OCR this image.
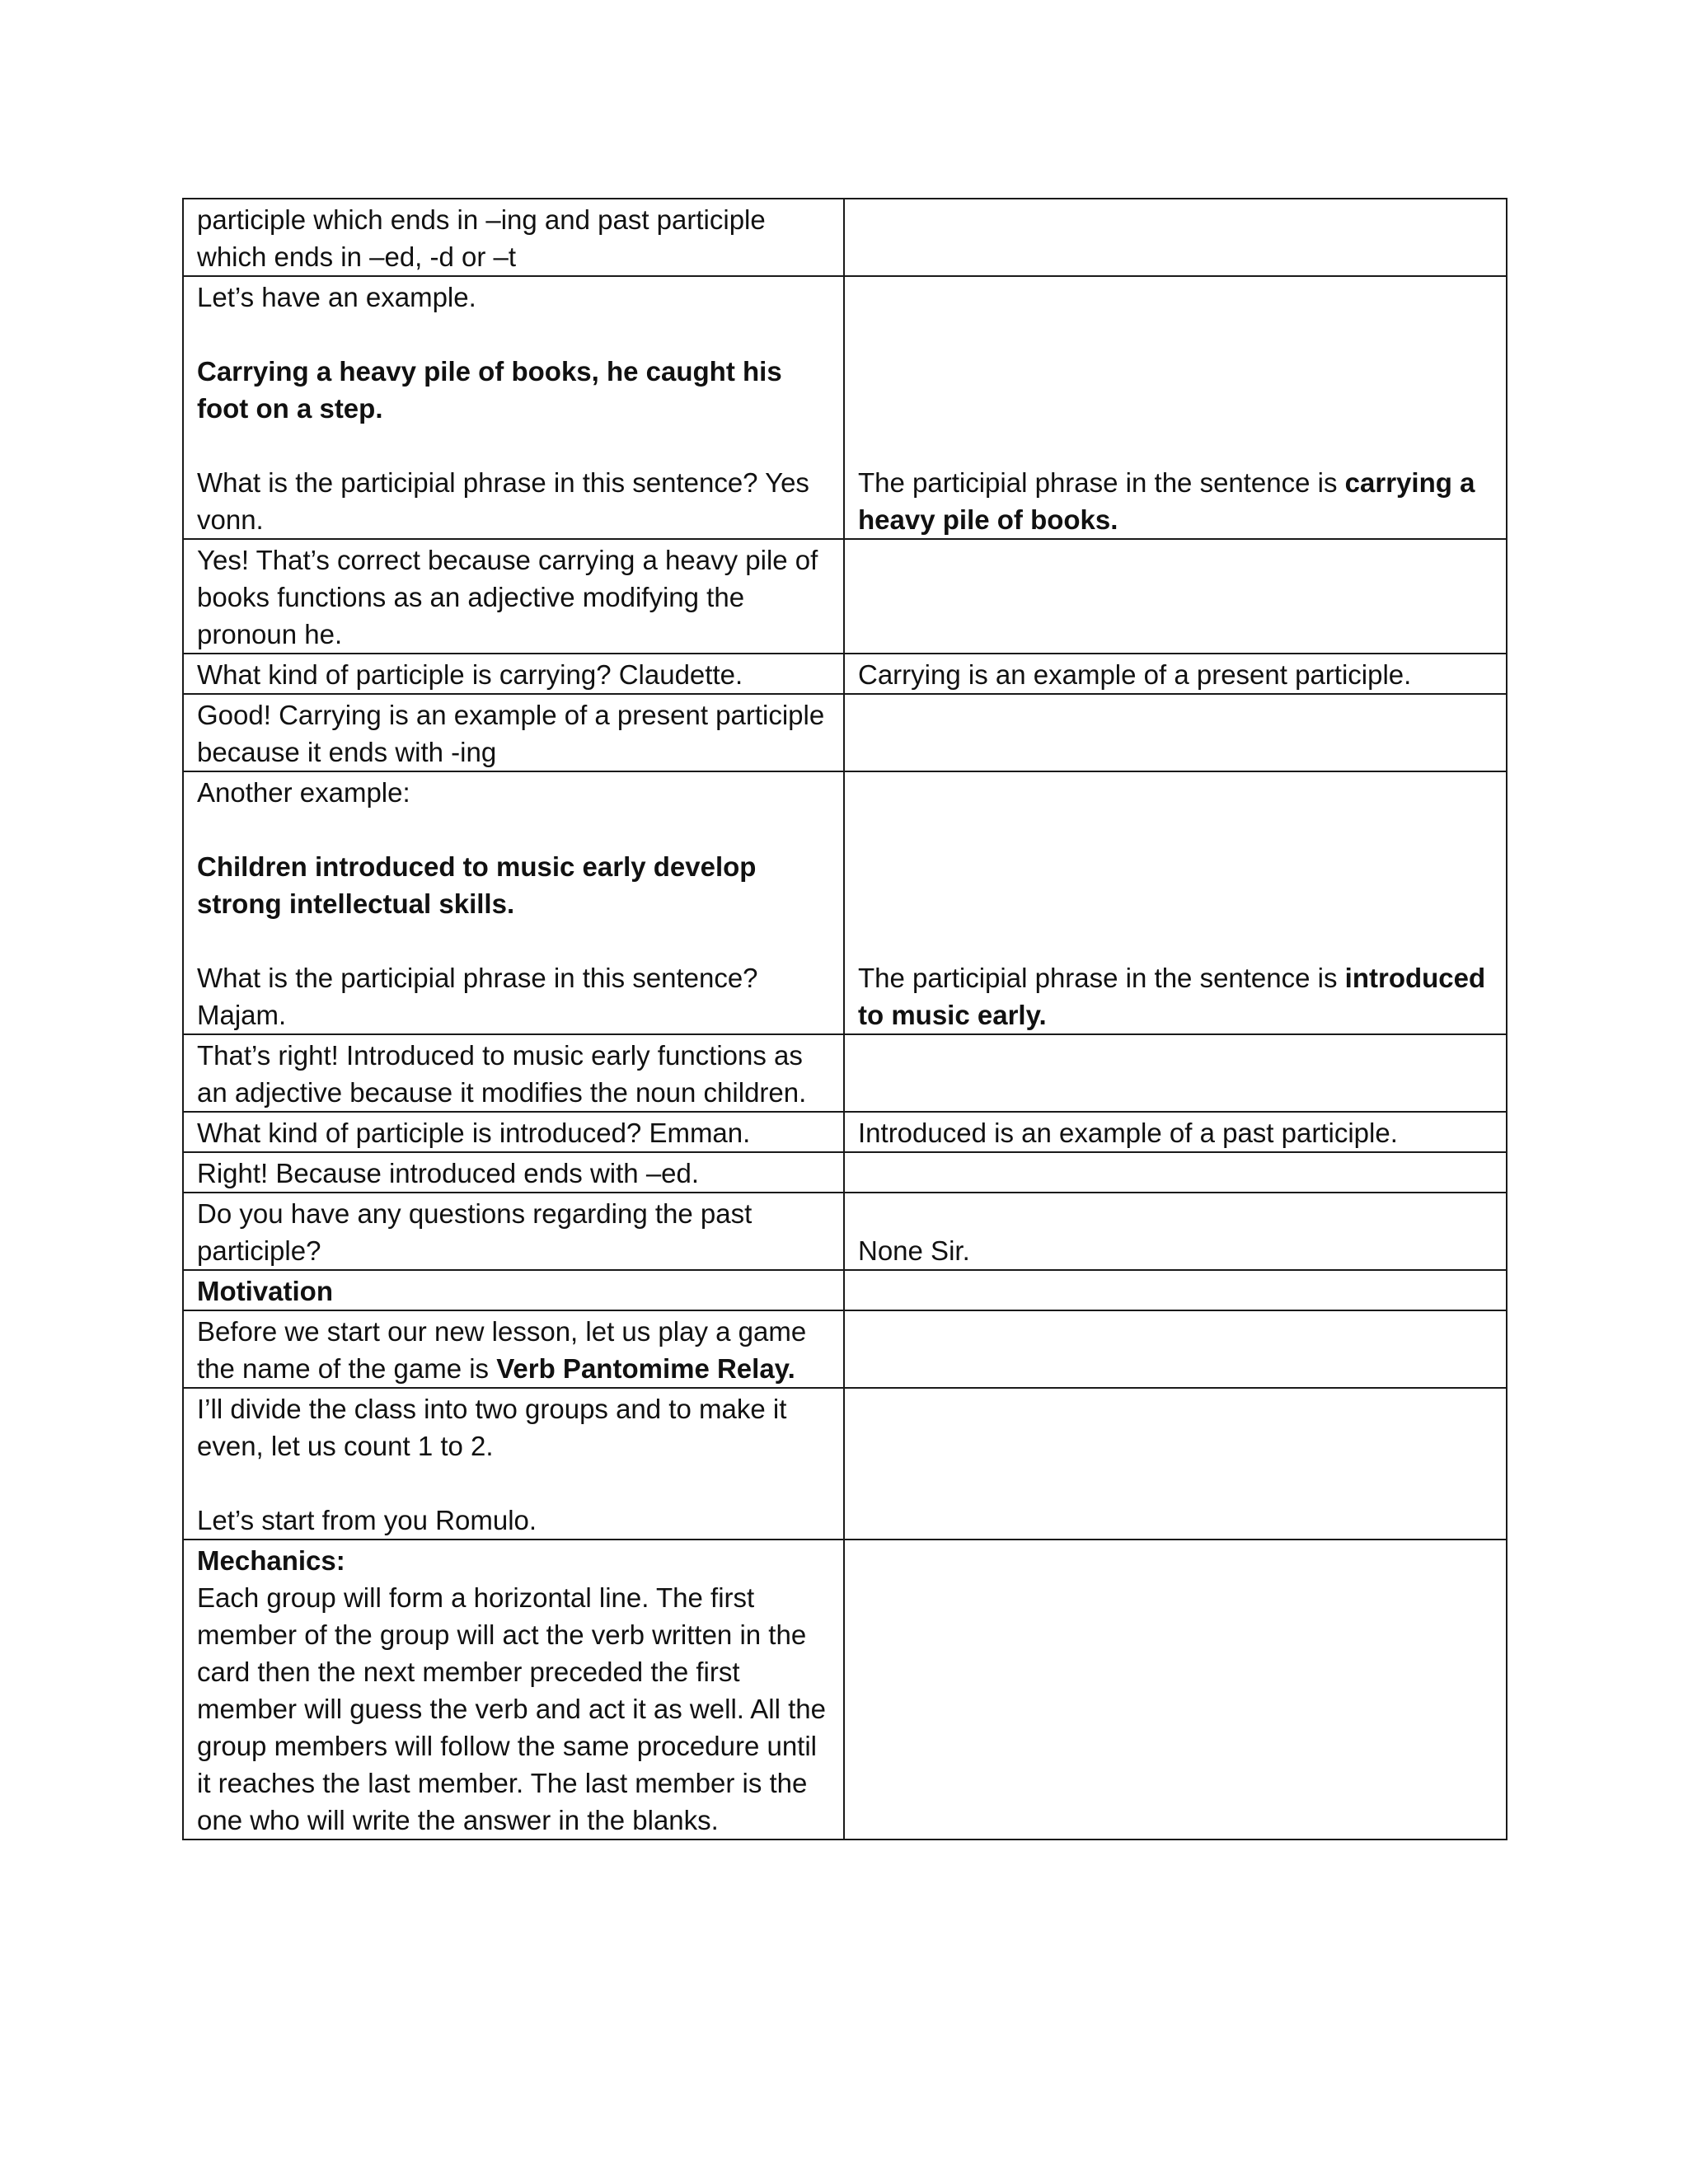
participle which ends in –ing and past participle which ends in –ed, -d or –t	

Let’s have an example.

Carrying a heavy pile of books, he caught his foot on a step.

What is the participial phrase in this sentence? Yes vonn.	The participial phrase in the sentence is carrying a heavy pile of books.
Yes! That’s correct because carrying a heavy pile of books functions as an adjective modifying the pronoun he.	
What kind of participle is carrying? Claudette.	Carrying is an example of a present participle.
Good! Carrying is an example of a present participle because it ends with -ing	

Another example:

Children introduced to music early develop strong intellectual skills.

What is the participial phrase in this sentence? Majam.	The participial phrase in the sentence is introduced to music early.
That’s right! Introduced to music early functions as an adjective because it modifies the noun children.	
What kind of participle is introduced? Emman.	Introduced is an example of a past participle.
Right! Because introduced ends with –ed.	
Do you have any questions regarding the past participle?	None Sir.
Motivation	
Before we start our new lesson, let us play a game the name of the game is Verb Pantomime Relay.	

I’ll divide the class into two groups and to make it even, let us count 1 to 2.

Let’s start from you Romulo.	

Mechanics:

Each group will form a horizontal line. The first member of the group will act the verb written in the card then the next member preceded the first member will guess the verb and act it as well. All the group members will follow the same procedure until it reaches the last member. The last member is the one who will write the answer in the blanks.	
